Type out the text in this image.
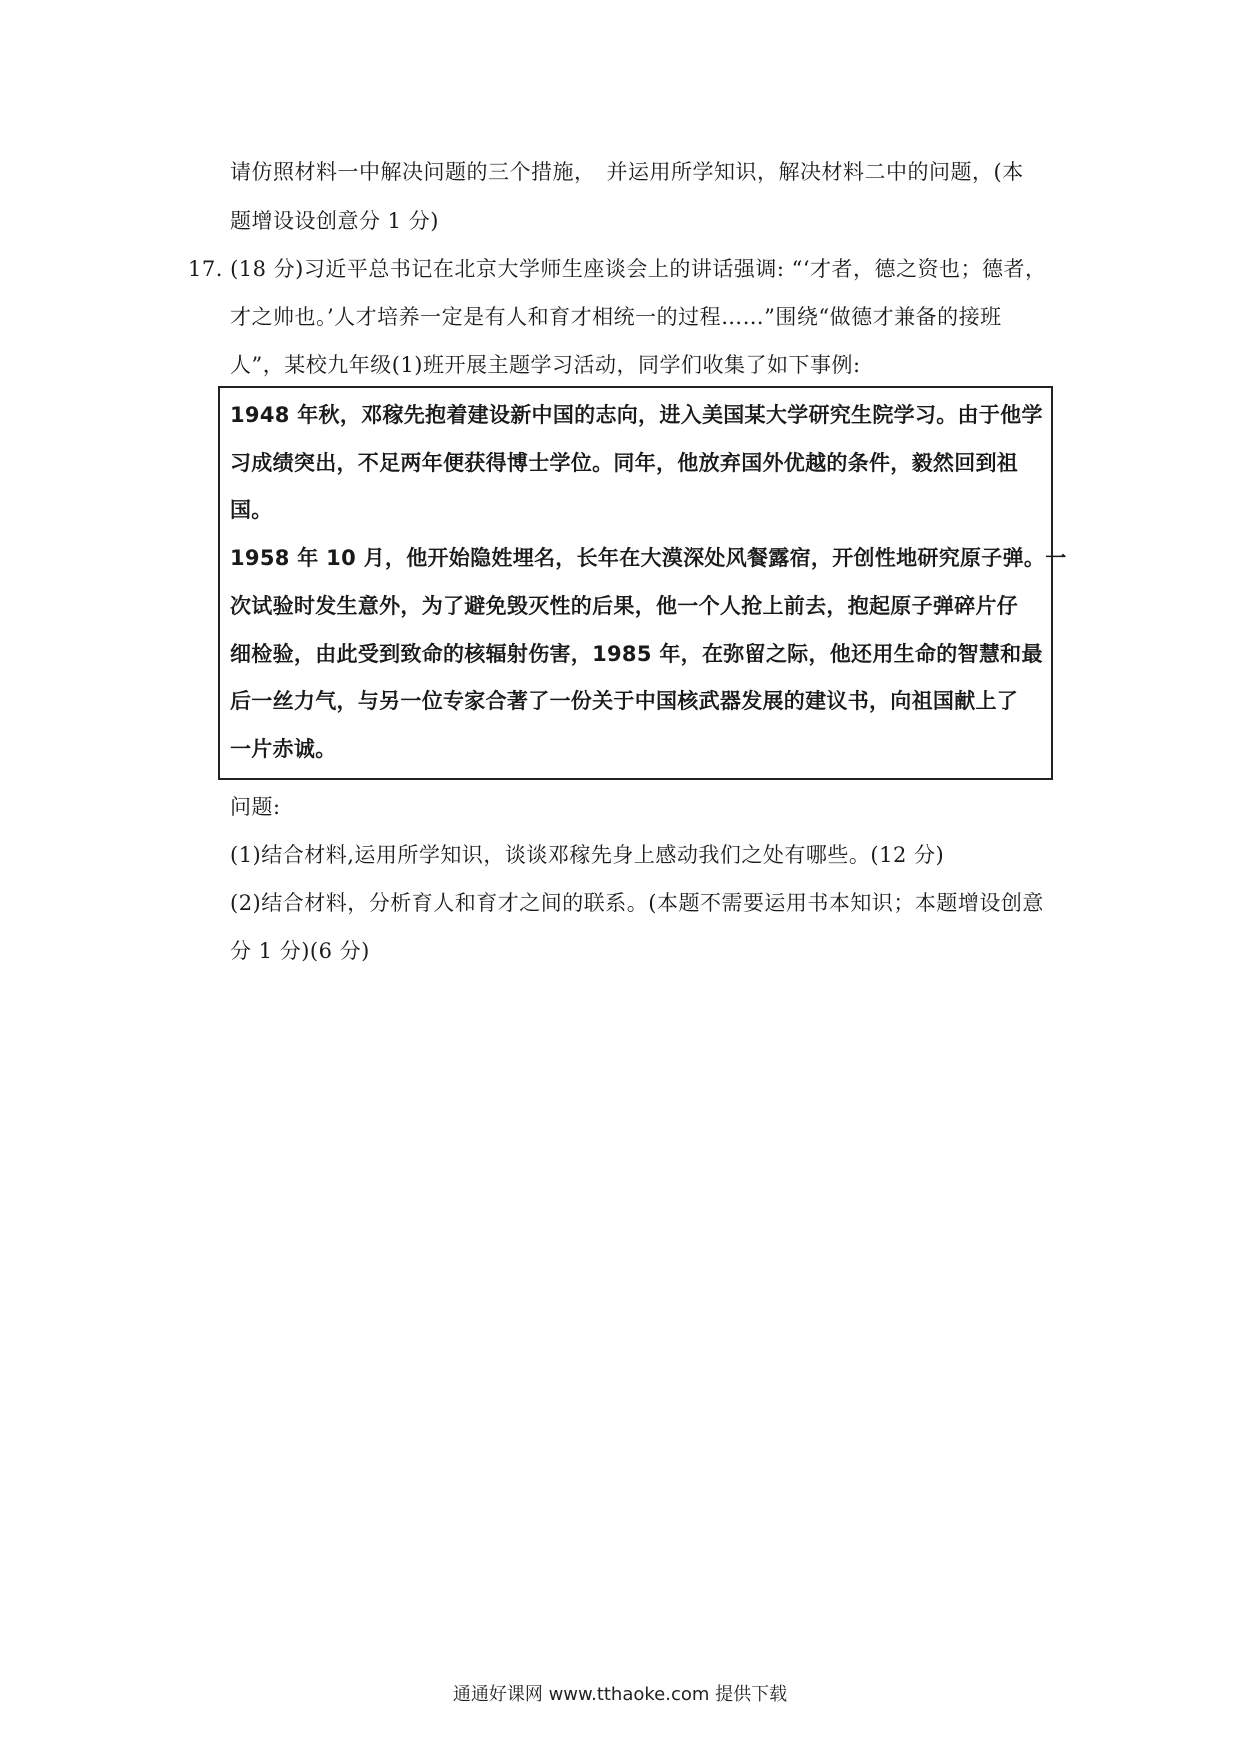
请仿照材料一中解决问题的三个措施，　并运用所学知识，解决材料二中的问题，(本
题增设设创意分 1 分)
17. (18 分)习近平总书记在北京大学师生座谈会上的讲话强调: “‘才者，德之资也；德者，
才之帅也。’人才培养一定是有人和育才相统一的过程……”围绕“做德才兼备的接班
人”，某校九年级(1)班开展主题学习活动，同学们收集了如下事例:
1948 年秋，邓稼先抱着建设新中国的志向，进入美国某大学研究生院学习。由于他学
习成绩突出，不足两年便获得博士学位。同年，他放弃国外优越的条件，毅然回到祖
国。
1958 年 10 月，他开始隐姓埋名，长年在大漠深处风餐露宿，开创性地研究原子弹。一
次试验时发生意外，为了避免毁灭性的后果，他一个人抢上前去，抱起原子弹碎片仔
细检验，由此受到致命的核辐射伤害，1985 年，在弥留之际，他还用生命的智慧和最
后一丝力气，与另一位专家合著了一份关于中国核武器发展的建议书，向祖国献上了
一片赤诚。
问题:
(1)结合材料,运用所学知识，谈谈邓稼先身上感动我们之处有哪些。(12 分)
(2)结合材料，分析育人和育才之间的联系。(本题不需要运用书本知识；本题增设创意
分 1 分)(6 分)
通通好课网 www.tthaoke.com 提供下载
